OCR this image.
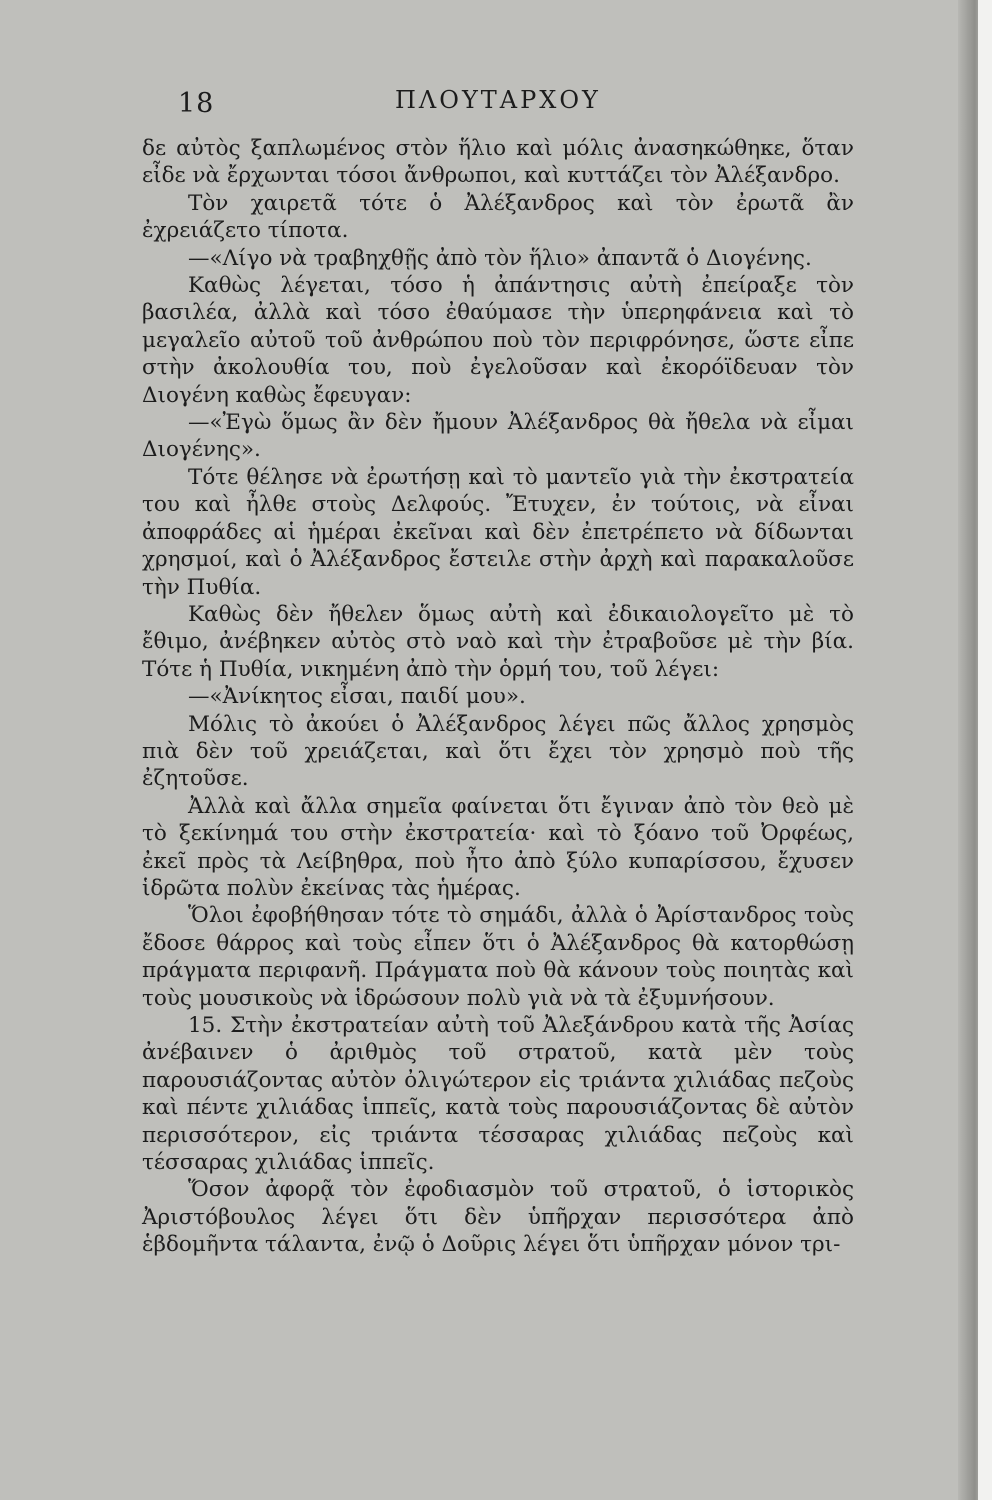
18	ΠΛΟΥΤΑΡΧΟΥ

δε αὐτὸς ξαπλωμένος στὸν ἥλιο καὶ μόλις ἀνασηκώθηκε, ὅταν εἶδε νὰ ἔρχωνται τόσοι ἄνθρωποι, καὶ κυττάζει τὸν Ἀλέξανδρο.

Τὸν χαιρετᾶ τότε ὁ Ἀλέξανδρος καὶ τὸν ἐρωτᾶ ἂν ἐχρειάζετο τίποτα.

—«Λίγο νὰ τραβηχθῇς ἀπὸ τὸν ἥλιο» ἀπαντᾶ ὁ Διογένης.

Καθὼς λέγεται, τόσο ἡ ἀπάντησις αὐτὴ ἐπείραξε τὸν βασιλέα, ἀλλὰ καὶ τόσο ἐθαύμασε τὴν ὑπερηφάνεια καὶ τὸ μεγαλεῖο αὐτοῦ τοῦ ἀνθρώπου ποὺ τὸν περιφρόνησε, ὥστε εἶπε στὴν ἀκολουθία του, ποὺ ἐγελοῦσαν καὶ ἐκορόϊδευαν τὸν Διογένη καθὼς ἔφευγαν:

—«Ἐγὼ ὅμως ἂν δὲν ἤμουν Ἀλέξανδρος θὰ ἤθελα νὰ εἶμαι Διογένης».

Τότε θέλησε νὰ ἐρωτήσῃ καὶ τὸ μαντεῖο γιὰ τὴν ἐκστρατεία του καὶ ἦλθε στοὺς Δελφούς. Ἔτυχεν, ἐν τούτοις, νὰ εἶναι ἀποφράδες αἱ ἡμέραι ἐκεῖναι καὶ δὲν ἐπετρέπετο νὰ δίδωνται χρησμοί, καὶ ὁ Ἀλέξανδρος ἔστειλε στὴν ἀρχὴ καὶ παρακαλοῦσε τὴν Πυθία.

Καθὼς δὲν ἤθελεν ὅμως αὐτὴ καὶ ἐδικαιολογεῖτο μὲ τὸ ἔθιμο, ἀνέβηκεν αὐτὸς στὸ ναὸ καὶ τὴν ἐτραβοῦσε μὲ τὴν βία. Τότε ἡ Πυθία, νικημένη ἀπὸ τὴν ὁρμή του, τοῦ λέγει:

—«Ἀνίκητος εἶσαι, παιδί μου».

Μόλις τὸ ἀκούει ὁ Ἀλέξανδρος λέγει πῶς ἄλλος χρησμὸς πιὰ δὲν τοῦ χρειάζεται, καὶ ὅτι ἔχει τὸν χρησμὸ ποὺ τῆς ἐζητοῦσε.

Ἀλλὰ καὶ ἄλλα σημεῖα φαίνεται ὅτι ἔγιναν ἀπὸ τὸν θεὸ μὲ τὸ ξεκίνημά του στὴν ἐκστρατεία· καὶ τὸ ξόανο τοῦ Ὀρφέως, ἐκεῖ πρὸς τὰ Λείβηθρα, ποὺ ἦτο ἀπὸ ξύλο κυπαρίσσου, ἔχυσεν ἱδρῶτα πολὺν ἐκείνας τὰς ἡμέρας.

Ὅλοι ἐφοβήθησαν τότε τὸ σημάδι, ἀλλὰ ὁ Ἀρίστανδρος τοὺς ἔδοσε θάρρος καὶ τοὺς εἶπεν ὅτι ὁ Ἀλέξανδρος θὰ κατορθώσῃ πράγματα περιφανῆ. Πράγματα ποὺ θὰ κάνουν τοὺς ποιητὰς καὶ τοὺς μουσικοὺς νὰ ἱδρώσουν πολὺ γιὰ νὰ τὰ ἐξυμνήσουν.

15. Στὴν ἐκστρατείαν αὐτὴ τοῦ Ἀλεξάνδρου κατὰ τῆς Ἀσίας ἀνέβαινεν ὁ ἀριθμὸς τοῦ στρατοῦ, κατὰ μὲν τοὺς παρουσιάζοντας αὐτὸν ὀλιγώτερον εἰς τριάντα χιλιάδας πεζοὺς καὶ πέντε χιλιάδας ἱππεῖς, κατὰ τοὺς παρουσιάζοντας δὲ αὐτὸν περισσότερον, εἰς τριάντα τέσσαρας χιλιάδας πεζοὺς καὶ τέσσαρας χιλιάδας ἱππεῖς.

Ὅσον ἀφορᾷ τὸν ἐφοδιασμὸν τοῦ στρατοῦ, ὁ ἱστορικὸς Ἀριστόβουλος λέγει ὅτι δὲν ὑπῆρχαν περισσότερα ἀπὸ ἑβδομῆντα τάλαντα, ἐνῷ ὁ Δοῦρις λέγει ὅτι ὑπῆρχαν μόνον τρι-
